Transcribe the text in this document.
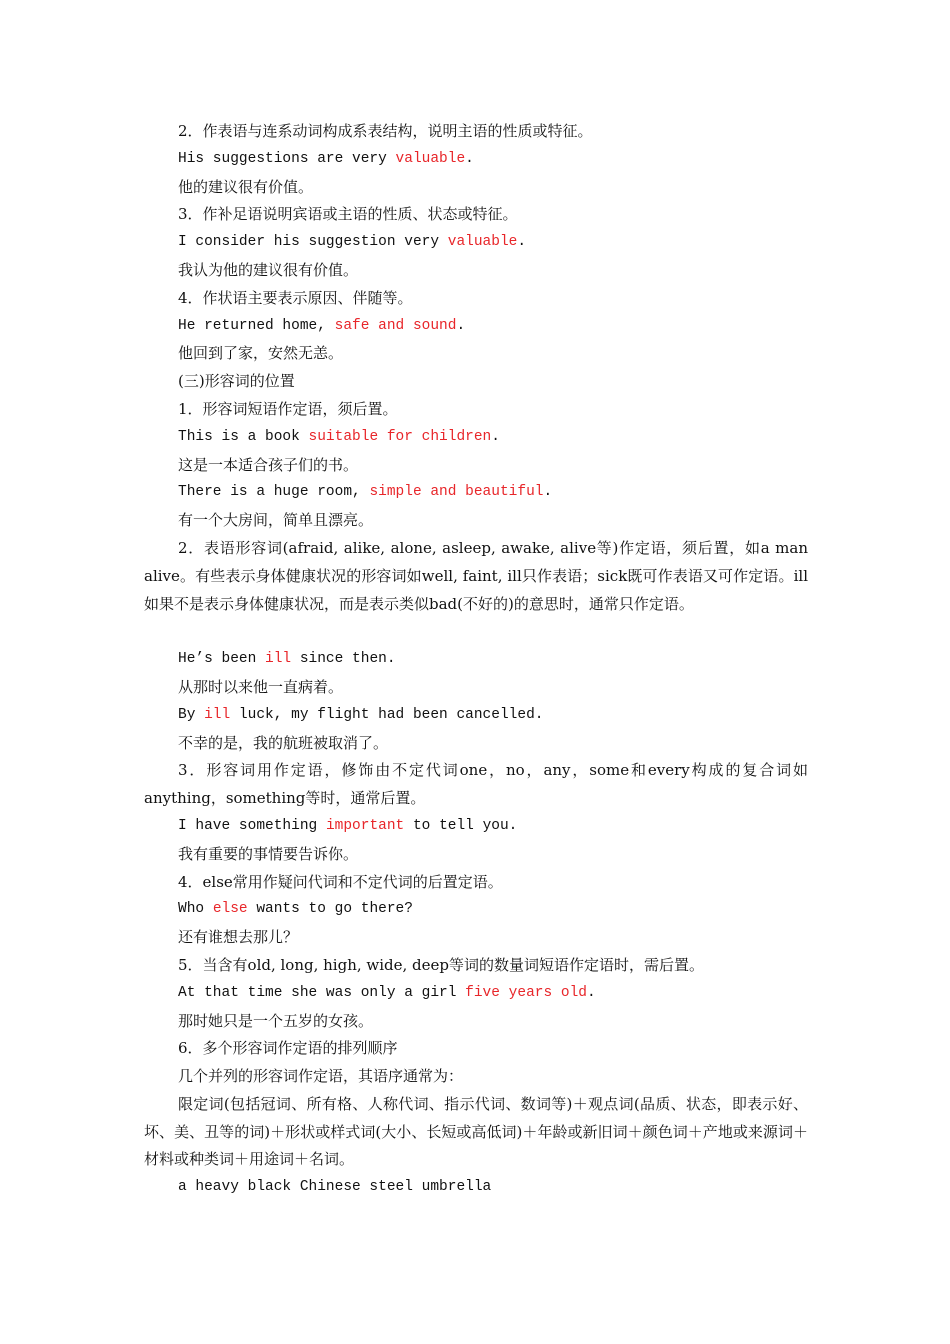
2．作表语与连系动词构成系表结构，说明主语的性质或特征。
His suggestions are very valuable.
他的建议很有价值。
3．作补足语说明宾语或主语的性质、状态或特征。
I consider his suggestion very valuable.
我认为他的建议很有价值。
4．作状语主要表示原因、伴随等。
He returned home, safe and sound.
他回到了家，安然无恙。
(三)形容词的位置
1．形容词短语作定语，须后置。
This is a book suitable for children.
这是一本适合孩子们的书。
There is a huge room, simple and beautiful.
有一个大房间，简单且漂亮。

2．表语形容词(afraid, alike, alone, asleep, awake, alive等)作定语，须后置，如a man alive。有些表示身体健康状况的形容词如well, faint, ill只作表语；sick既可作表语又可作定语。ill如果不是表示身体健康状况，而是表示类似bad(不好的)的意思时，通常只作定语。

He’s been ill since then.
从那时以来他一直病着。
By ill luck, my flight had been cancelled.
不幸的是，我的航班被取消了。

3．形容词用作定语，修饰由不定代词one，no，any，some和every构成的复合词如anything，something等时，通常后置。

I have something important to tell you.
我有重要的事情要告诉你。
4．else常用作疑问代词和不定代词的后置定语。
Who else wants to go there?
还有谁想去那儿？
5．当含有old, long, high, wide, deep等词的数量词短语作定语时，需后置。
At that time she was only a girl five years old.
那时她只是一个五岁的女孩。
6．多个形容词作定语的排列顺序
几个并列的形容词作定语，其语序通常为：

限定词(包括冠词、所有格、人称代词、指示代词、数词等)＋观点词(品质、状态，即表示好、坏、美、丑等的词)＋形状或样式词(大小、长短或高低词)＋年龄或新旧词＋颜色词＋产地或来源词＋材料或种类词＋用途词＋名词。

a heavy black Chinese steel umbrella
